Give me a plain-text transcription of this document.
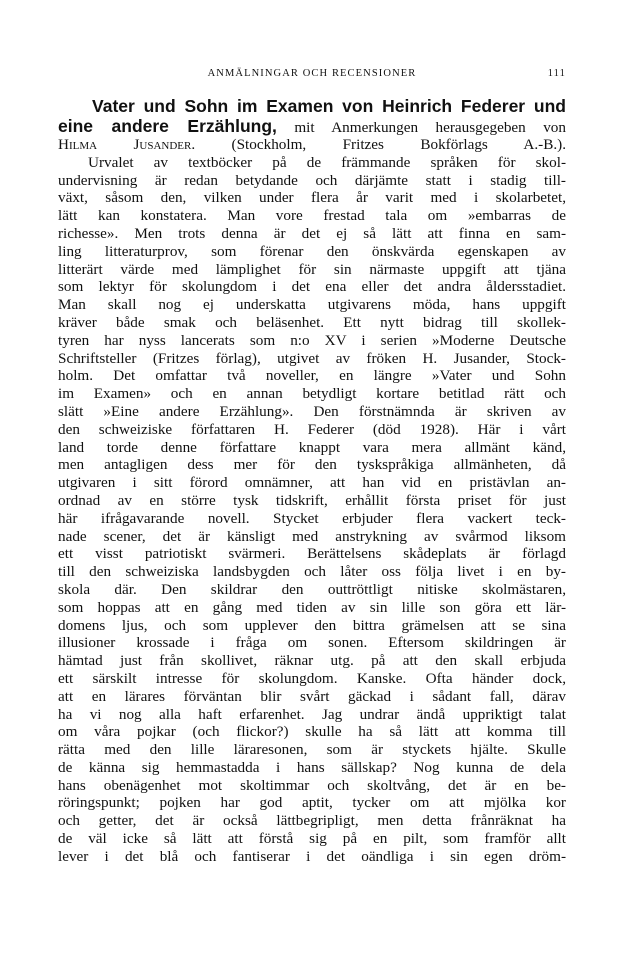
ANMÄLNINGAR OCH RECENSIONER	111
Vater und Sohn im Examen von Heinrich Federer und
eine andere Erzählung, mit Anmerkungen herausgegeben von
Hilma Jusander. (Stockholm, Fritzes Bokförlags A.-B.).
Urvalet av textböcker på de främmande språken för skol-
undervisning är redan betydande och därjämte statt i stadig till-
växt, såsom den, vilken under flera år varit med i skolarbetet,
lätt kan konstatera. Man vore frestad tala om »embarras de
richesse». Men trots denna är det ej så lätt att finna en sam-
ling litteraturprov, som förenar den önskvärda egenskapen av
litterärt värde med lämplighet för sin närmaste uppgift att tjäna
som lektyr för skolungdom i det ena eller det andra åldersstadiet.
Man skall nog ej underskatta utgivarens möda, hans uppgift
kräver både smak och beläsenhet. Ett nytt bidrag till skollek-
tyren har nyss lancerats som n:o XV i serien »Moderne Deutsche
Schriftsteller (Fritzes förlag), utgivet av fröken H. Jusander, Stock-
holm. Det omfattar två noveller, en längre »Vater und Sohn
im Examen» och en annan betydligt kortare betitlad rätt och
slätt »Eine andere Erzählung». Den förstnämnda är skriven av
den schweiziske författaren H. Federer (död 1928). Här i vårt
land torde denne författare knappt vara mera allmänt känd,
men antagligen dess mer för den tyskspråkiga allmänheten, då
utgivaren i sitt förord omnämner, att han vid en pristävlan an-
ordnad av en större tysk tidskrift, erhållit första priset för just
här ifrågavarande novell. Stycket erbjuder flera vackert teck-
nade scener, det är känsligt med anstrykning av svårmod liksom
ett visst patriotiskt svärmeri. Berättelsens skådeplats är förlagd
till den schweiziska landsbygden och låter oss följa livet i en by-
skola där. Den skildrar den outtröttligt nitiske skolmästaren,
som hoppas att en gång med tiden av sin lille son göra ett lär-
domens ljus, och som upplever den bittra grämelsen att se sina
illusioner krossade i fråga om sonen. Eftersom skildringen är
hämtad just från skollivet, räknar utg. på att den skall erbjuda
ett särskilt intresse för skolungdom. Kanske. Ofta händer dock,
att en lärares förväntan blir svårt gäckad i sådant fall, därav
ha vi nog alla haft erfarenhet. Jag undrar ändå uppriktigt talat
om våra pojkar (och flickor?) skulle ha så lätt att komma till
rätta med den lille läraresonen, som är styckets hjälte. Skulle
de känna sig hemmastadda i hans sällskap? Nog kunna de dela
hans obenägenhet mot skoltimmar och skoltvång, det är en be-
röringspunkt; pojken har god aptit, tycker om att mjölka kor
och getter, det är också lättbegripligt, men detta frånräknat ha
de väl icke så lätt att förstå sig på en pilt, som framför allt
lever i det blå och fantiserar i det oändliga i sin egen dröm-
